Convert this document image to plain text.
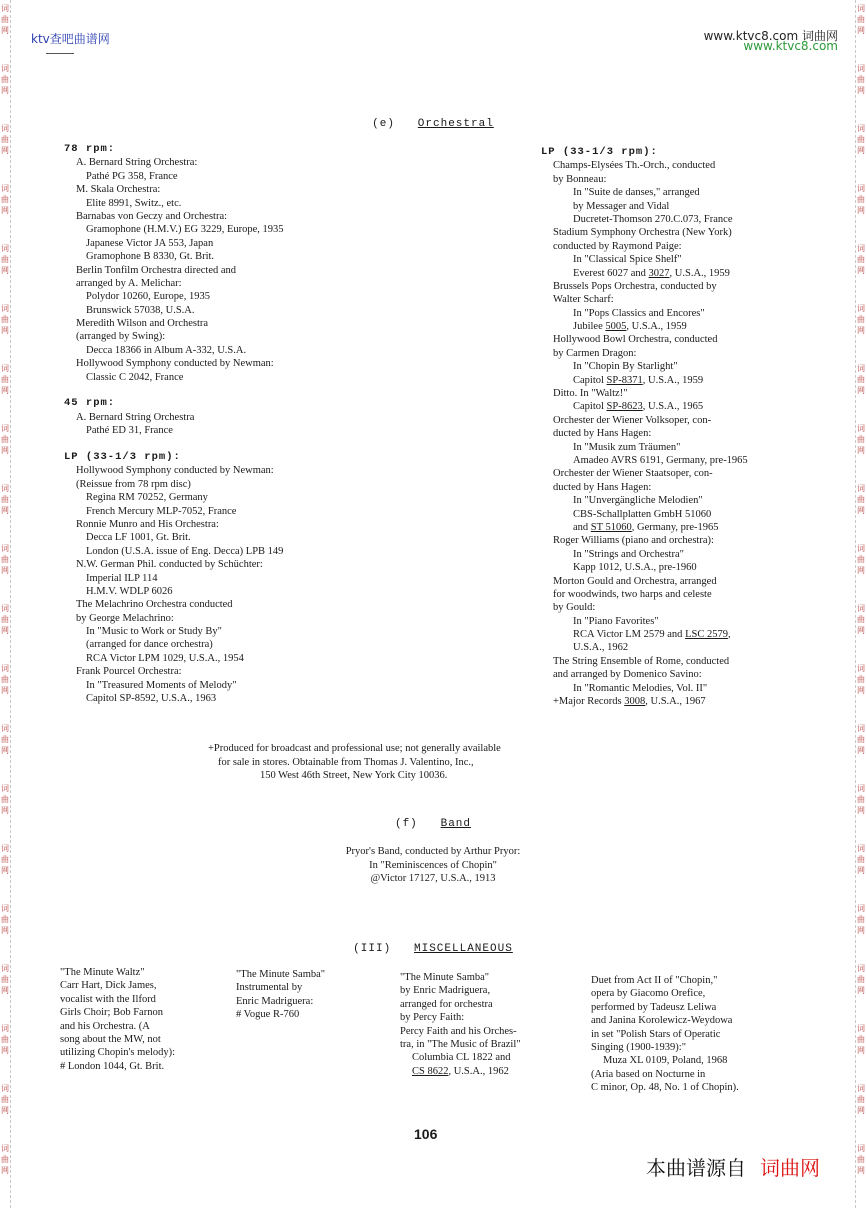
词
曲
网
词
曲
网
词
曲
网
词
曲
网
词
曲
网
词
曲
网
词
曲
网
词
曲
网
词
曲
网
词
曲
网
词
曲
网
词
曲
网
词
曲
网
词
曲
网
词
曲
网
词
曲
网
词
曲
网
词
曲
网
词
曲
网
词
曲
网
词
曲
网
词
曲
网
词
曲
网
词
曲
网
词
曲
网
词
曲
网
词
曲
网
词
曲
网
词
曲
网
词
曲
网
词
曲
网
词
曲
网
词
曲
网
词
曲
网
词
曲
网
词
曲
网
词
曲
网
词
曲
网
词
曲
网
词
曲
网
ktv查吧曲谱网	www.ktvc8.com 词曲网
www.ktvc8.com
(e) Orchestral
78 rpm:
A. Bernard String Orchestra:
Pathé PG 358, France
M. Skala Orchestra:
Elite 8991, Switz., etc.
Barnabas von Geczy and Orchestra:
Gramophone (H.M.V.) EG 3229, Europe, 1935
Japanese Victor JA 553, Japan
Gramophone B 8330, Gt. Brit.
Berlin Tonfilm Orchestra directed and
arranged by A. Melichar:
Polydor 10260, Europe, 1935
Brunswick 57038, U.S.A.
Meredith Wilson and Orchestra
(arranged by Swing):
Decca 18366 in Album A-332, U.S.A.
Hollywood Symphony conducted by Newman:
Classic C 2042, France
45 rpm:
A. Bernard String Orchestra
Pathé ED 31, France
LP (33-1/3 rpm):
Hollywood Symphony conducted by Newman:
(Reissue from 78 rpm disc)
Regina RM 70252, Germany
French Mercury MLP-7052, France
Ronnie Munro and His Orchestra:
Decca LF 1001, Gt. Brit.
London (U.S.A. issue of Eng. Decca) LPB 149
N.W. German Phil. conducted by Schüchter:
Imperial ILP 114
H.M.V. WDLP 6026
The Melachrino Orchestra conducted
by George Melachrino:
In "Music to Work or Study By"
(arranged for dance orchestra)
RCA Victor LPM 1029, U.S.A., 1954
Frank Pourcel Orchestra:
In "Treasured Moments of Melody"
Capitol SP-8592, U.S.A., 1963
LP (33-1/3 rpm):
Champs-Elysées Th.-Orch., conducted
by Bonneau:
In "Suite de danses," arranged
by Messager and Vidal
Ducretet-Thomson 270.C.073, France
Stadium Symphony Orchestra (New York)
conducted by Raymond Paige:
In "Classical Spice Shelf"
Everest 6027 and 3027, U.S.A., 1959
Brussels Pops Orchestra, conducted by
Walter Scharf:
In "Pops Classics and Encores"
Jubilee 5005, U.S.A., 1959
Hollywood Bowl Orchestra, conducted
by Carmen Dragon:
In "Chopin By Starlight"
Capitol SP-8371, U.S.A., 1959
Ditto. In "Waltz!"
Capitol SP-8623, U.S.A., 1965
Orchester der Wiener Volksoper, con-
ducted by Hans Hagen:
In "Musik zum Träumen"
Amadeo AVRS 6191, Germany, pre-1965
Orchester der Wiener Staatsoper, con-
ducted by Hans Hagen:
In "Unvergängliche Melodien"
CBS-Schallplatten GmbH 51060
and ST 51060, Germany, pre-1965
Roger Williams (piano and orchestra):
In "Strings and Orchestra"
Kapp 1012, U.S.A., pre-1960
Morton Gould and Orchestra, arranged
for woodwinds, two harps and celeste
by Gould:
In "Piano Favorites"
RCA Victor LM 2579 and LSC 2579,
U.S.A., 1962
The String Ensemble of Rome, conducted
and arranged by Domenico Savino:
In "Romantic Melodies, Vol. II"
+Major Records 3008, U.S.A., 1967
+Produced for broadcast and professional use; not generally available
for sale in stores. Obtainable from Thomas J. Valentino, Inc.,
150 West 46th Street, New York City 10036.
(f) Band
Pryor's Band, conducted by Arthur Pryor:
In "Reminiscences of Chopin"
@Victor 17127, U.S.A., 1913
(III) MISCELLANEOUS
"The Minute Waltz"
Carr Hart, Dick James,
vocalist with the Ilford
Girls Choir; Bob Farnon
and his Orchestra. (A
song about the MW, not
utilizing Chopin's melody):
# London 1044, Gt. Brit.
"The Minute Samba"
Instrumental by
Enric Madriguera:
# Vogue R-760
"The Minute Samba"
by Enric Madriguera,
arranged for orchestra
by Percy Faith:
Percy Faith and his Orches-
tra, in "The Music of Brazil"
Columbia CL 1822 and
CS 8622, U.S.A., 1962
Duet from Act II of "Chopin,"
opera by Giacomo Orefice,
performed by Tadeusz Leliwa
and Janina Korolewicz-Weydowa
in set "Polish Stars of Operatic
Singing (1900-1939):"
Muza XL 0109, Poland, 1968
(Aria based on Nocturne in
C minor, Op. 48, No. 1 of Chopin).
106
本曲谱源自 词曲网
